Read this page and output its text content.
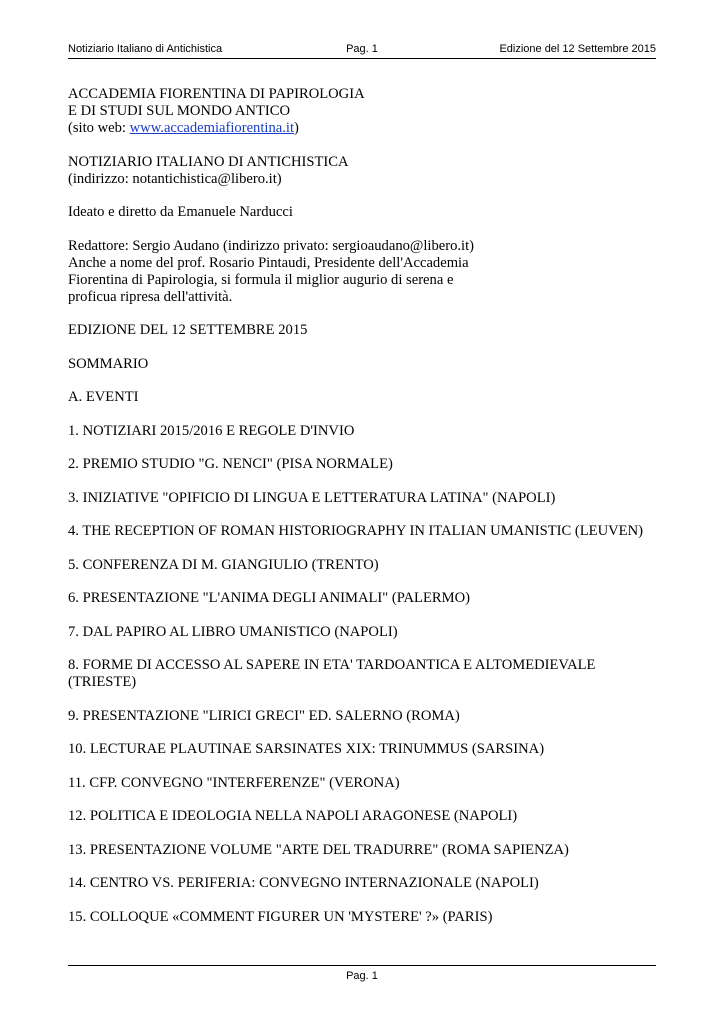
Notiziario Italiano di Antichistica	Pag. 1	Edizione del 12 Settembre 2015
ACCADEMIA FIORENTINA DI PAPIROLOGIA
E DI STUDI SUL MONDO ANTICO
(sito web: www.accademiafiorentina.it)
NOTIZIARIO ITALIANO DI ANTICHISTICA
(indirizzo: notantichistica@libero.it)
Ideato e diretto da Emanuele Narducci
Redattore: Sergio Audano (indirizzo privato: sergioaudano@libero.it)
Anche a nome del prof. Rosario Pintaudi, Presidente dell'Accademia
Fiorentina di Papirologia, si formula il miglior augurio di serena e
proficua ripresa dell'attività.
EDIZIONE DEL 12 SETTEMBRE 2015
SOMMARIO
A. EVENTI
1. NOTIZIARI 2015/2016 E REGOLE D'INVIO
2. PREMIO STUDIO "G. NENCI" (PISA NORMALE)
3. INIZIATIVE "OPIFICIO DI LINGUA E LETTERATURA LATINA" (NAPOLI)
4. THE RECEPTION OF ROMAN HISTORIOGRAPHY IN ITALIAN UMANISTIC (LEUVEN)
5. CONFERENZA DI M. GIANGIULIO (TRENTO)
6. PRESENTAZIONE "L'ANIMA DEGLI ANIMALI" (PALERMO)
7. DAL PAPIRO AL LIBRO UMANISTICO (NAPOLI)
8. FORME DI ACCESSO AL SAPERE IN ETA' TARDOANTICA E ALTOMEDIEVALE
(TRIESTE)
9. PRESENTAZIONE "LIRICI GRECI" ED. SALERNO (ROMA)
10. LECTURAE PLAUTINAE SARSINATES XIX: TRINUMMUS (SARSINA)
11. CFP. CONVEGNO "INTERFERENZE" (VERONA)
12. POLITICA E IDEOLOGIA NELLA NAPOLI ARAGONESE (NAPOLI)
13. PRESENTAZIONE VOLUME "ARTE DEL TRADURRE" (ROMA SAPIENZA)
14. CENTRO VS. PERIFERIA: CONVEGNO INTERNAZIONALE (NAPOLI)
15. COLLOQUE «COMMENT FIGURER UN 'MYSTERE' ?» (PARIS)
Pag. 1
